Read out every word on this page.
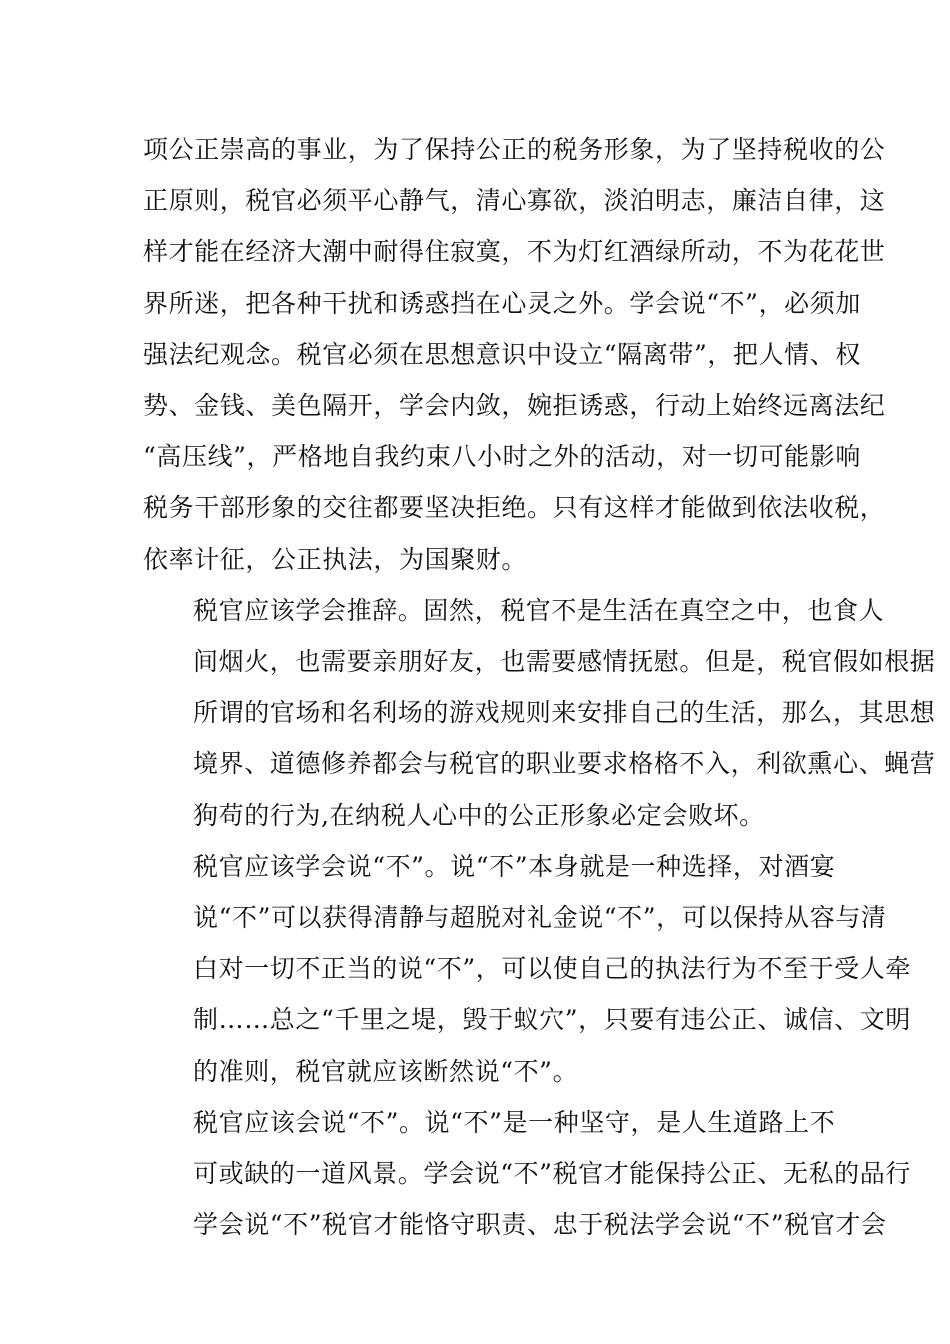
项公正崇高的事业，为了保持公正的税务形象，为了坚持税收的公
正原则，税官必须平心静气，清心寡欲，淡泊明志，廉洁自律，这
样才能在经济大潮中耐得住寂寞，不为灯红酒绿所动，不为花花世
界所迷，把各种干扰和诱惑挡在心灵之外。学会说“不”，必须加
强法纪观念。税官必须在思想意识中设立“隔离带”，把人情、权
势、金钱、美色隔开，学会内敛，婉拒诱惑，行动上始终远离法纪
“高压线”，严格地自我约束八小时之外的活动，对一切可能影响
税务干部形象的交往都要坚决拒绝。只有这样才能做到依法收税，
依率计征，公正执法，为国聚财。

税官应该学会推辞。固然，税官不是生活在真空之中，也食人
间烟火，也需要亲朋好友，也需要感情抚慰。但是，税官假如根据
所谓的官场和名利场的游戏规则来安排自己的生活，那么，其思想
境界、道德修养都会与税官的职业要求格格不入，利欲熏心、蝇营
狗苟的行为,在纳税人心中的公正形象必定会败坏。

税官应该学会说“不”。说“不”本身就是一种选择，对酒宴
说“不”可以获得清静与超脱对礼金说“不”，可以保持从容与清
白对一切不正当的说“不”，可以使自己的执法行为不至于受人牵
制……总之“千里之堤，毁于蚁穴”，只要有违公正、诚信、文明
的准则，税官就应该断然说“不”。

税官应该会说“不”。说“不”是一种坚守，是人生道路上不
可或缺的一道风景。学会说“不”税官才能保持公正、无私的品行
学会说“不”税官才能恪守职责、忠于税法学会说“不”税官才会
